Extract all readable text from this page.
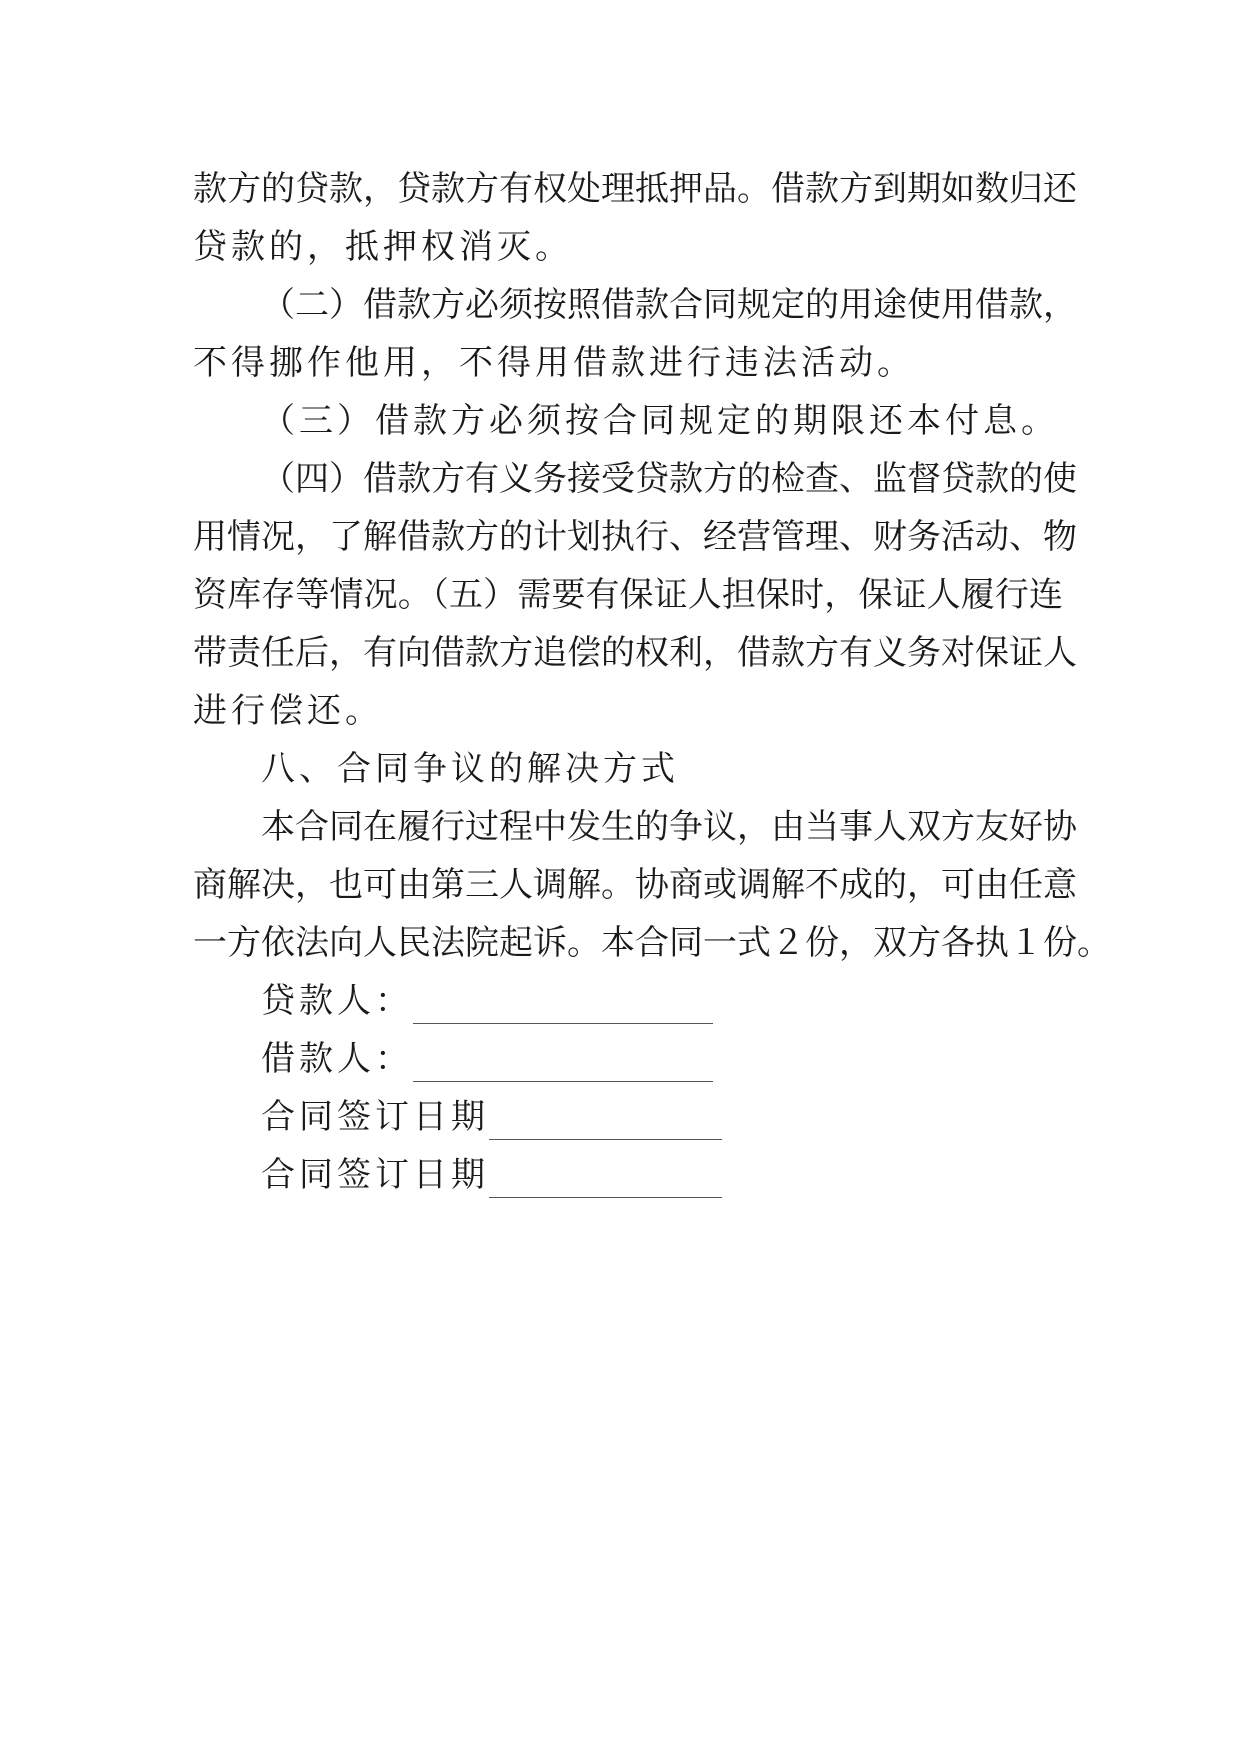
款方的贷款，贷款方有权处理抵押品。借款方到期如数归还
贷款的，抵押权消灭。
（二）借款方必须按照借款合同规定的用途使用借款，
不得挪作他用，不得用借款进行违法活动。
（三）借款方必须按合同规定的期限还本付息。
（四）借款方有义务接受贷款方的检查、监督贷款的使
用情况，了解借款方的计划执行、经营管理、财务活动、物
资库存等情况。（五）需要有保证人担保时，保证人履行连
带责任后，有向借款方追偿的权利，借款方有义务对保证人
进行偿还。
八、合同争议的解决方式
本合同在履行过程中发生的争议，由当事人双方友好协
商解决，也可由第三人调解。协商或调解不成的，可由任意
一方依法向人民法院起诉。本合同一式２份，双方各执１份。
贷款人：
借款人：
合同签订日期
合同签订日期
